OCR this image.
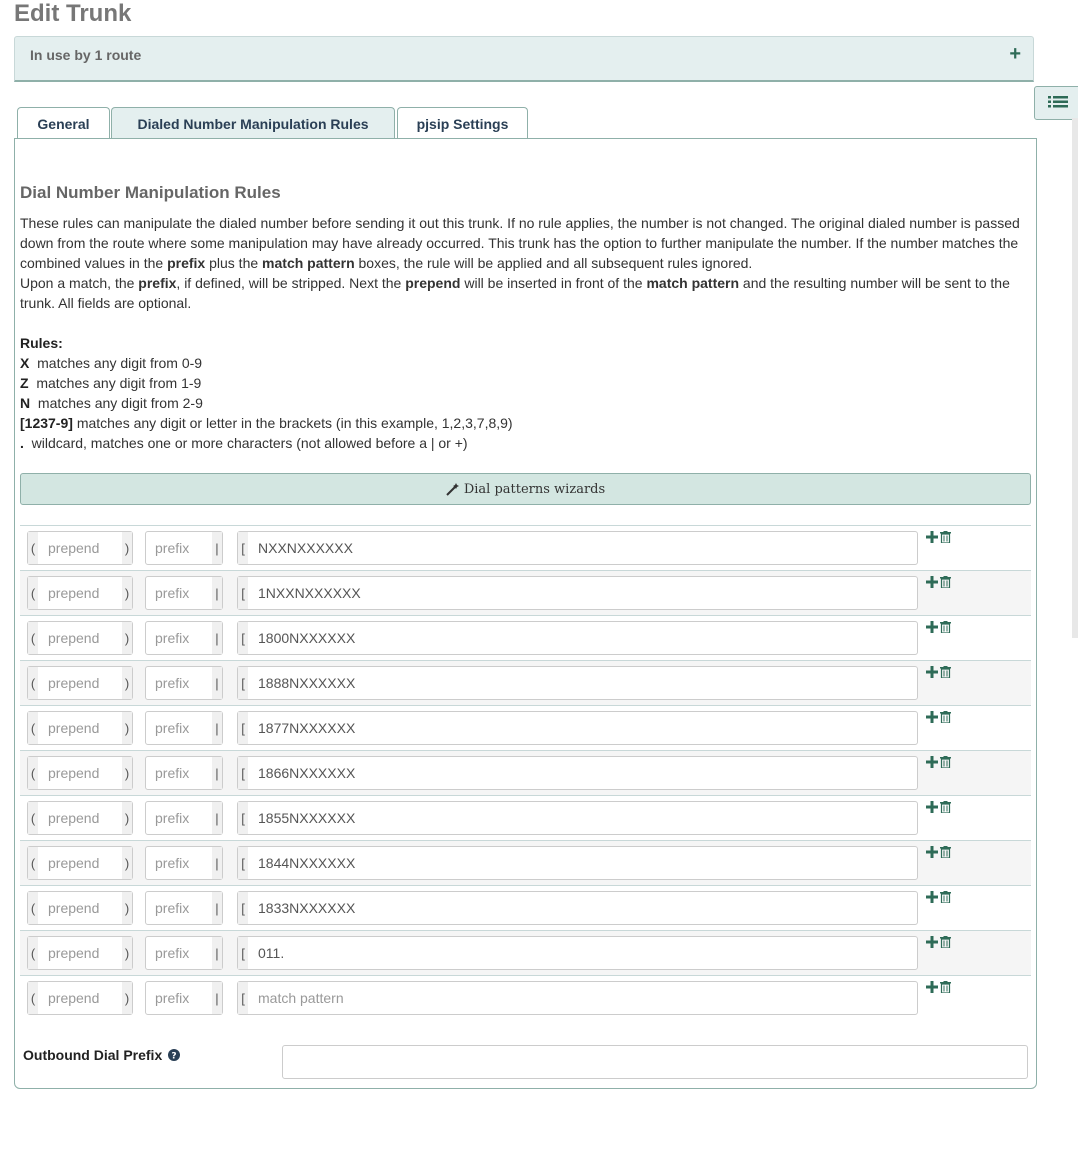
Edit Trunk
In use by 1 route	+
General	Dialed Number Manipulation Rules	pjsip Settings
Dial Number Manipulation Rules

These rules can manipulate the dialed number before sending it out this trunk. If no rule applies, the number is not changed. The original dialed number is passed down from the route where some manipulation may have already occurred. This trunk has the option to further manipulate the number. If the number matches the combined values in the prefix plus the match pattern boxes, the rule will be applied and all subsequent rules ignored.

Upon a match, the prefix, if defined, will be stripped. Next the prepend will be inserted in front of the match pattern and the resulting number will be sent to the trunk. All fields are optional.

Rules:
X matches any digit from 0-9
Z matches any digit from 1-9
N matches any digit from 2-9
[1237-9] matches any digit or letter in the brackets (in this example, 1,2,3,7,8,9)
. wildcard, matches one or more characters (not allowed before a | or +)
Dial patterns wizards
( prepend ) prefix | [ NXXNXXXXXX
( prepend ) prefix | [ 1NXXNXXXXXX
( prepend ) prefix | [ 1800NXXXXXX
( prepend ) prefix | [ 1888NXXXXXX
( prepend ) prefix | [ 1877NXXXXXX
( prepend ) prefix | [ 1866NXXXXXX
( prepend ) prefix | [ 1855NXXXXXX
( prepend ) prefix | [ 1844NXXXXXX
( prepend ) prefix | [ 1833NXXXXXX
( prepend ) prefix | [ 011.
( prepend ) prefix | [ match pattern
Outbound Dial Prefix ?
